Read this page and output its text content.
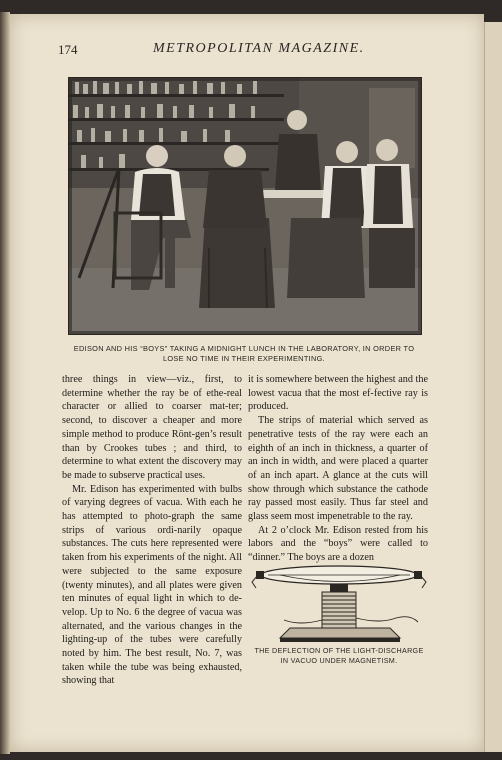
174	METROPOLITAN MAGAZINE.
EDISON AND HIS “BOYS” TAKING A MIDNIGHT LUNCH IN THE LABORATORY, IN ORDER TO
LOSE NO TIME IN THEIR EXPERIMENTING.

three things in view—viz., first, to determine whether the ray be of ethe-real character or allied to coarser mat-ter; second, to discover a cheaper and more simple method to produce Rönt-gen’s result than by Crookes tubes ; and third, to determine to what extent the discovery may be made to subserve practical uses.

Mr. Edison has experimented with bulbs of varying degrees of vacua. With each he has attempted to photo-graph the same strips of various ordi-narily opaque substances. The cuts here represented were taken from his experiments of the night. All were subjected to the same exposure (twenty minutes), and all plates were given ten minutes of equal light in which to de-velop. Up to No. 6 the degree of vacua was alternated, and the various changes in the lighting-up of the tubes were carefully noted by him. The best result, No. 7, was taken while the tube was being exhausted, showing that

it is somewhere between the highest and the lowest vacua that the most ef-fective ray is produced.

The strips of material which served as penetrative tests of the ray were each an eighth of an inch in thickness, a quarter of an inch in width, and were placed a quarter of an inch apart. A glance at the cuts will show through which substance the cathode ray passed most easily. Thus far steel and glass seem most impenetrable to the ray.

At 2 o’clock Mr. Edison rested from his labors and the “boys” were called to “dinner.” The boys are a dozen

THE DEFLECTION OF THE LIGHT-DISCHARGE
IN VACUO UNDER MAGNETISM.
